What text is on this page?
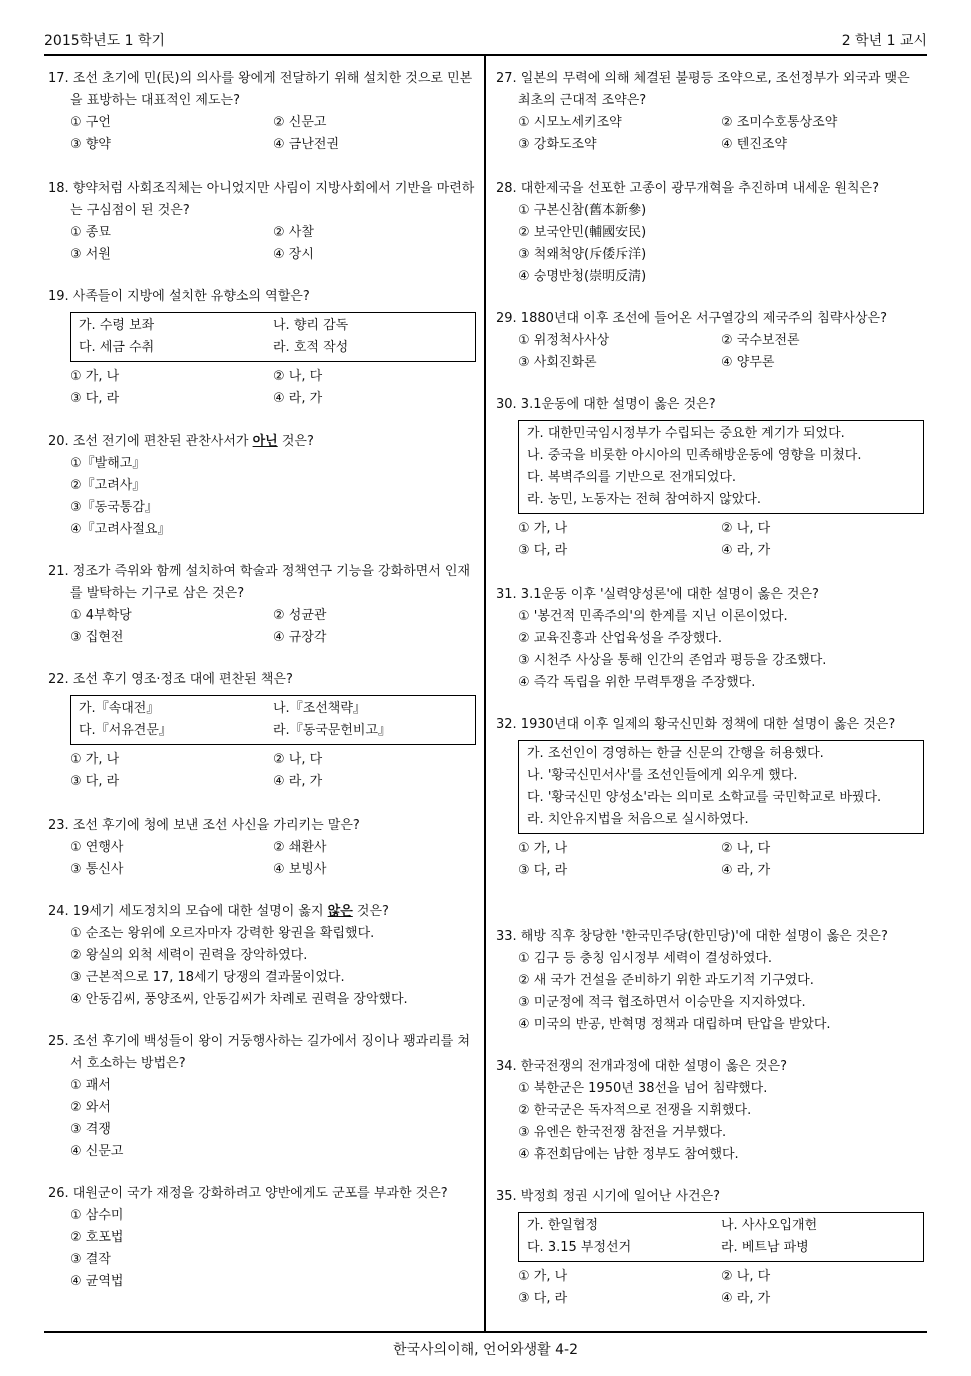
2015학년도 1 학기	2 학년 1 교시
한국사의이해, 언어와생활 4-2
17. 조선 초기에 민(民)의 의사를 왕에게 전달하기 위해 설치한 것으로 민본을 표방하는 대표적인 제도는?
① 구언	② 신문고
③ 향약	④ 금난전권
18. 향약처럼 사회조직체는 아니었지만 사림이 지방사회에서 기반을 마련하는 구심점이 된 것은?
① 종묘	② 사찰
③ 서원	④ 장시
19. 사족들이 지방에 설치한 유향소의 역할은?
가. 수령 보좌	나. 향리 감독
다. 세금 수취	라. 호적 작성
① 가, 나	② 나, 다
③ 다, 라	④ 라, 가
20. 조선 전기에 편찬된 관찬사서가 아닌 것은?
①『발해고』
②『고려사』
③『동국통감』
④『고려사절요』
21. 정조가 즉위와 함께 설치하여 학술과 정책연구 기능을 강화하면서 인재를 발탁하는 기구로 삼은 것은?
① 4부학당	② 성균관
③ 집현전	④ 규장각
22. 조선 후기 영조·정조 대에 편찬된 책은?
가.『속대전』	나.『조선책략』
다.『서유견문』	라.『동국문헌비고』
① 가, 나	② 나, 다
③ 다, 라	④ 라, 가
23. 조선 후기에 청에 보낸 조선 사신을 가리키는 말은?
① 연행사	② 쇄환사
③ 통신사	④ 보빙사
24. 19세기 세도정치의 모습에 대한 설명이 옳지 않은 것은?
① 순조는 왕위에 오르자마자 강력한 왕권을 확립했다.
② 왕실의 외척 세력이 권력을 장악하였다.
③ 근본적으로 17, 18세기 당쟁의 결과물이었다.
④ 안동김씨, 풍양조씨, 안동김씨가 차례로 권력을 장악했다.
25. 조선 후기에 백성들이 왕이 거둥행사하는 길가에서 징이나 꽹과리를 쳐서 호소하는 방법은?
① 괘서
② 와서
③ 격쟁
④ 신문고
26. 대원군이 국가 재정을 강화하려고 양반에게도 군포를 부과한 것은?
① 삼수미
② 호포법
③ 결작
④ 균역법
27. 일본의 무력에 의해 체결된 불평등 조약으로, 조선정부가 외국과 맺은 최초의 근대적 조약은?
① 시모노세키조약	② 조미수호통상조약
③ 강화도조약	④ 텐진조약
28. 대한제국을 선포한 고종이 광무개혁을 추진하며 내세운 원칙은?
① 구본신참(舊本新參)
② 보국안민(輔國安民)
③ 척왜척양(斥倭斥洋)
④ 숭명반청(崇明反淸)
29. 1880년대 이후 조선에 들어온 서구열강의 제국주의 침략사상은?
① 위정척사사상	② 국수보전론
③ 사회진화론	④ 양무론
30. 3.1운동에 대한 설명이 옳은 것은?
가. 대한민국임시정부가 수립되는 중요한 계기가 되었다.
나. 중국을 비롯한 아시아의 민족해방운동에 영향을 미쳤다.
다. 복벽주의를 기반으로 전개되었다.
라. 농민, 노동자는 전혀 참여하지 않았다.
① 가, 나	② 나, 다
③ 다, 라	④ 라, 가
31. 3.1운동 이후 '실력양성론'에 대한 설명이 옳은 것은?
① '봉건적 민족주의'의 한계를 지닌 이론이었다.
② 교육진흥과 산업육성을 주장했다.
③ 시천주 사상을 통해 인간의 존엄과 평등을 강조했다.
④ 즉각 독립을 위한 무력투쟁을 주장했다.
32. 1930년대 이후 일제의 황국신민화 정책에 대한 설명이 옳은 것은?
가. 조선인이 경영하는 한글 신문의 간행을 허용했다.
나. '황국신민서사'를 조선인들에게 외우게 했다.
다. '황국신민 양성소'라는 의미로 소학교를 국민학교로 바꿨다.
라. 치안유지법을 처음으로 실시하였다.
① 가, 나	② 나, 다
③ 다, 라	④ 라, 가
33. 해방 직후 창당한 '한국민주당(한민당)'에 대한 설명이 옳은 것은?
① 김구 등 충칭 임시정부 세력이 결성하였다.
② 새 국가 건설을 준비하기 위한 과도기적 기구였다.
③ 미군정에 적극 협조하면서 이승만을 지지하였다.
④ 미국의 반공, 반혁명 정책과 대립하며 탄압을 받았다.
34. 한국전쟁의 전개과정에 대한 설명이 옳은 것은?
① 북한군은 1950년 38선을 넘어 침략했다.
② 한국군은 독자적으로 전쟁을 지휘했다.
③ 유엔은 한국전쟁 참전을 거부했다.
④ 휴전회담에는 남한 정부도 참여했다.
35. 박정희 정권 시기에 일어난 사건은?
가. 한일협정	나. 사사오입개헌
다. 3.15 부정선거	라. 베트남 파병
① 가, 나	② 나, 다
③ 다, 라	④ 라, 가
